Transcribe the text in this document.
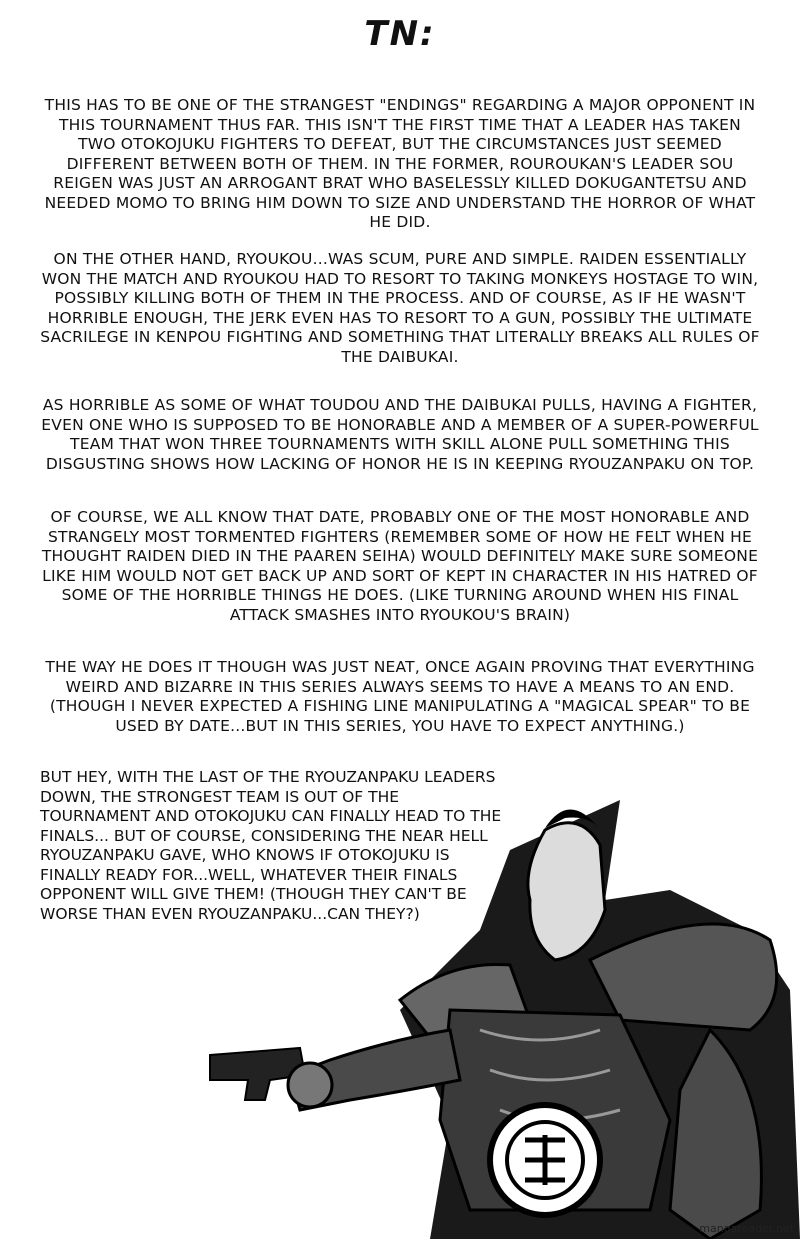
TN:
THIS HAS TO BE ONE OF THE STRANGEST "ENDINGS" REGARDING A MAJOR OPPONENT IN THIS TOURNAMENT THUS FAR. THIS ISN'T THE FIRST TIME THAT A LEADER HAS TAKEN TWO OTOKOJUKU FIGHTERS TO DEFEAT, BUT THE CIRCUMSTANCES JUST SEEMED DIFFERENT BETWEEN BOTH OF THEM. IN THE FORMER, ROUROUKAN'S LEADER SOU REIGEN WAS JUST AN ARROGANT BRAT WHO BASELESSLY KILLED DOKUGANTETSU AND NEEDED MOMO TO BRING HIM DOWN TO SIZE AND UNDERSTAND THE HORROR OF WHAT HE DID.
ON THE OTHER HAND, RYOUKOU...WAS SCUM, PURE AND SIMPLE. RAIDEN ESSENTIALLY WON THE MATCH AND RYOUKOU HAD TO RESORT TO TAKING MONKEYS HOSTAGE TO WIN, POSSIBLY KILLING BOTH OF THEM IN THE PROCESS. AND OF COURSE, AS IF HE WASN'T HORRIBLE ENOUGH, THE JERK EVEN HAS TO RESORT TO A GUN, POSSIBLY THE ULTIMATE SACRILEGE IN KENPOU FIGHTING AND SOMETHING THAT LITERALLY BREAKS ALL RULES OF THE DAIBUKAI.
AS HORRIBLE AS SOME OF WHAT TOUDOU AND THE DAIBUKAI PULLS, HAVING A FIGHTER, EVEN ONE WHO IS SUPPOSED TO BE HONORABLE AND A MEMBER OF A SUPER-POWERFUL TEAM THAT WON THREE TOURNAMENTS WITH SKILL ALONE PULL SOMETHING THIS DISGUSTING SHOWS HOW LACKING OF HONOR HE IS IN KEEPING RYOUZANPAKU ON TOP.
OF COURSE, WE ALL KNOW THAT DATE, PROBABLY ONE OF THE MOST HONORABLE AND STRANGELY MOST TORMENTED FIGHTERS (REMEMBER SOME OF HOW HE FELT WHEN HE THOUGHT RAIDEN DIED IN THE PAAREN SEIHA) WOULD DEFINITELY MAKE SURE SOMEONE LIKE HIM WOULD NOT GET BACK UP AND SORT OF KEPT IN CHARACTER IN HIS HATRED OF SOME OF THE HORRIBLE THINGS HE DOES. (LIKE TURNING AROUND WHEN HIS FINAL ATTACK SMASHES INTO RYOUKOU'S BRAIN)
THE WAY HE DOES IT THOUGH WAS JUST NEAT, ONCE AGAIN PROVING THAT EVERYTHING WEIRD AND BIZARRE IN THIS SERIES ALWAYS SEEMS TO HAVE A MEANS TO AN END. (THOUGH I NEVER EXPECTED A FISHING LINE MANIPULATING A "MAGICAL SPEAR" TO BE USED BY DATE...BUT IN THIS SERIES, YOU HAVE TO EXPECT ANYTHING.)
BUT HEY, WITH THE LAST OF THE RYOUZANPAKU LEADERS DOWN, THE STRONGEST TEAM IS OUT OF THE TOURNAMENT AND OTOKOJUKU CAN FINALLY HEAD TO THE FINALS... BUT OF COURSE, CONSIDERING THE NEAR HELL RYOUZANPAKU GAVE, WHO KNOWS IF OTOKOJUKU IS FINALLY READY FOR...WELL, WHATEVER THEIR FINALS OPPONENT WILL GIVE THEM! (THOUGH THEY CAN'T BE WORSE THAN EVEN RYOUZANPAKU...CAN THEY?)
mangareader.net
